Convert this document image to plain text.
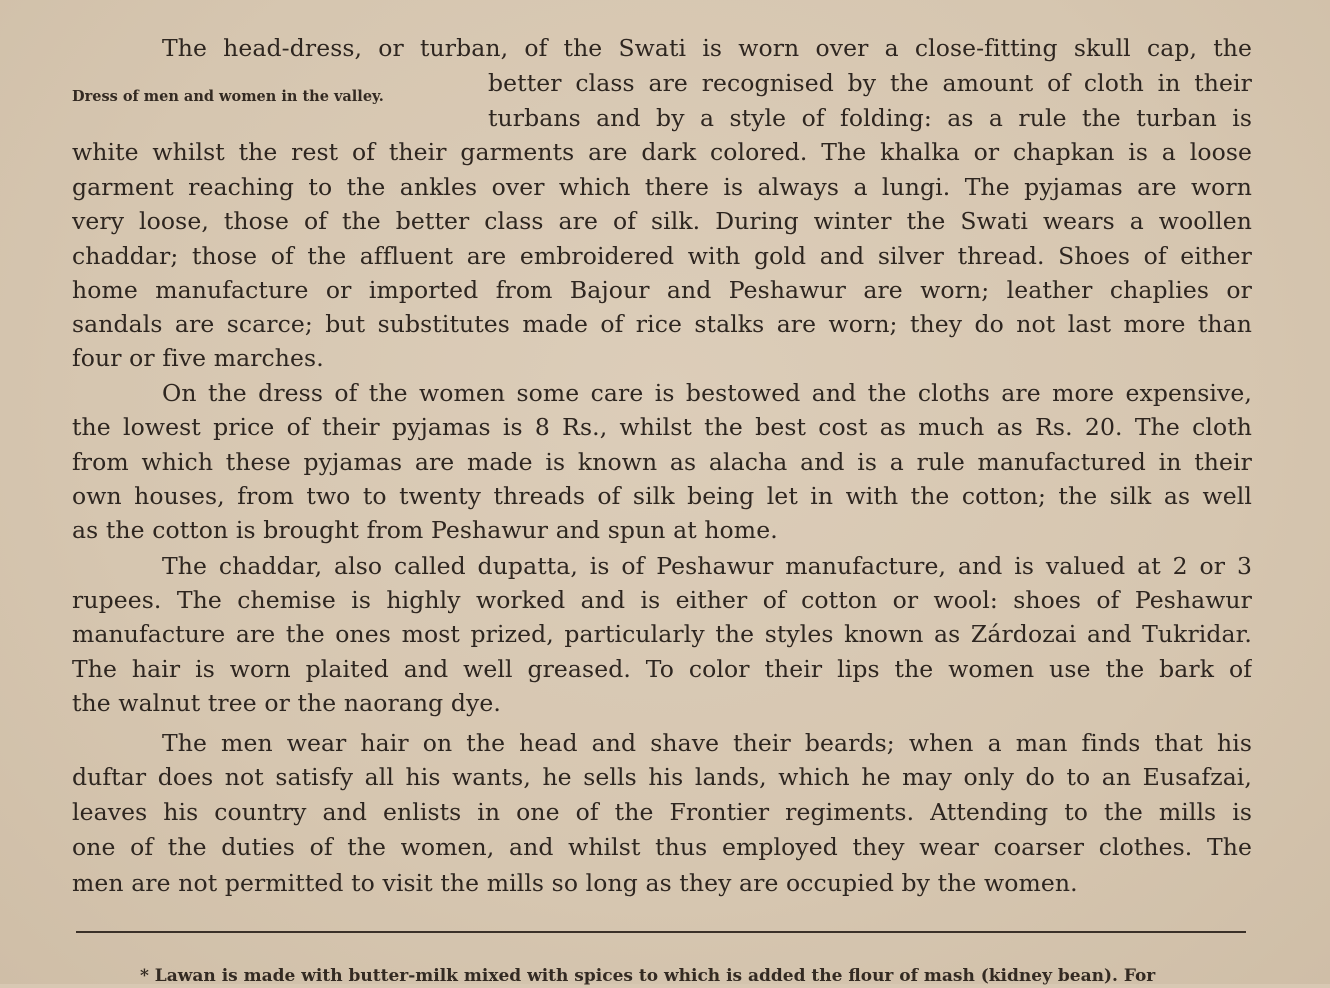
Dress of men and women in the valley.
The head-dress, or turban, of the Swati is worn over a close-fitting skull cap, the
better class are recognised by the amount of cloth in their
turbans and by a style of folding: as a rule the turban is
white whilst the rest of their garments are dark colored. The khalka or chapkan is a loose
garment reaching to the ankles over which there is always a lungi. The pyjamas are worn
very loose, those of the better class are of silk. During winter the Swati wears a woollen
chaddar; those of the affluent are embroidered with gold and silver thread. Shoes of either
home manufacture or imported from Bajour and Peshawur are worn; leather chaplies or
sandals are scarce; but substitutes made of rice stalks are worn; they do not last more than
four or five marches.
On the dress of the women some care is bestowed and the cloths are more expensive,
the lowest price of their pyjamas is 8 Rs., whilst the best cost as much as Rs. 20. The cloth
from which these pyjamas are made is known as alacha and is a rule manufactured in their
own houses, from two to twenty threads of silk being let in with the cotton; the silk as well
as the cotton is brought from Peshawur and spun at home.
The chaddar, also called dupatta, is of Peshawur manufacture, and is valued at 2 or 3
rupees. The chemise is highly worked and is either of cotton or wool: shoes of Peshawur
manufacture are the ones most prized, particularly the styles known as Zárdozai and Tukridar.
The hair is worn plaited and well greased. To color their lips the women use the bark of
the walnut tree or the naorang dye.
The men wear hair on the head and shave their beards; when a man finds that his
duftar does not satisfy all his wants, he sells his lands, which he may only do to an Eusafzai,
leaves his country and enlists in one of the Frontier regiments. Attending to the mills is
one of the duties of the women, and whilst thus employed they wear coarser clothes. The
men are not permitted to visit the mills so long as they are occupied by the women.
* Lawan is made with butter-milk mixed with spices to which is added the flour of mash (kidney bean). For
